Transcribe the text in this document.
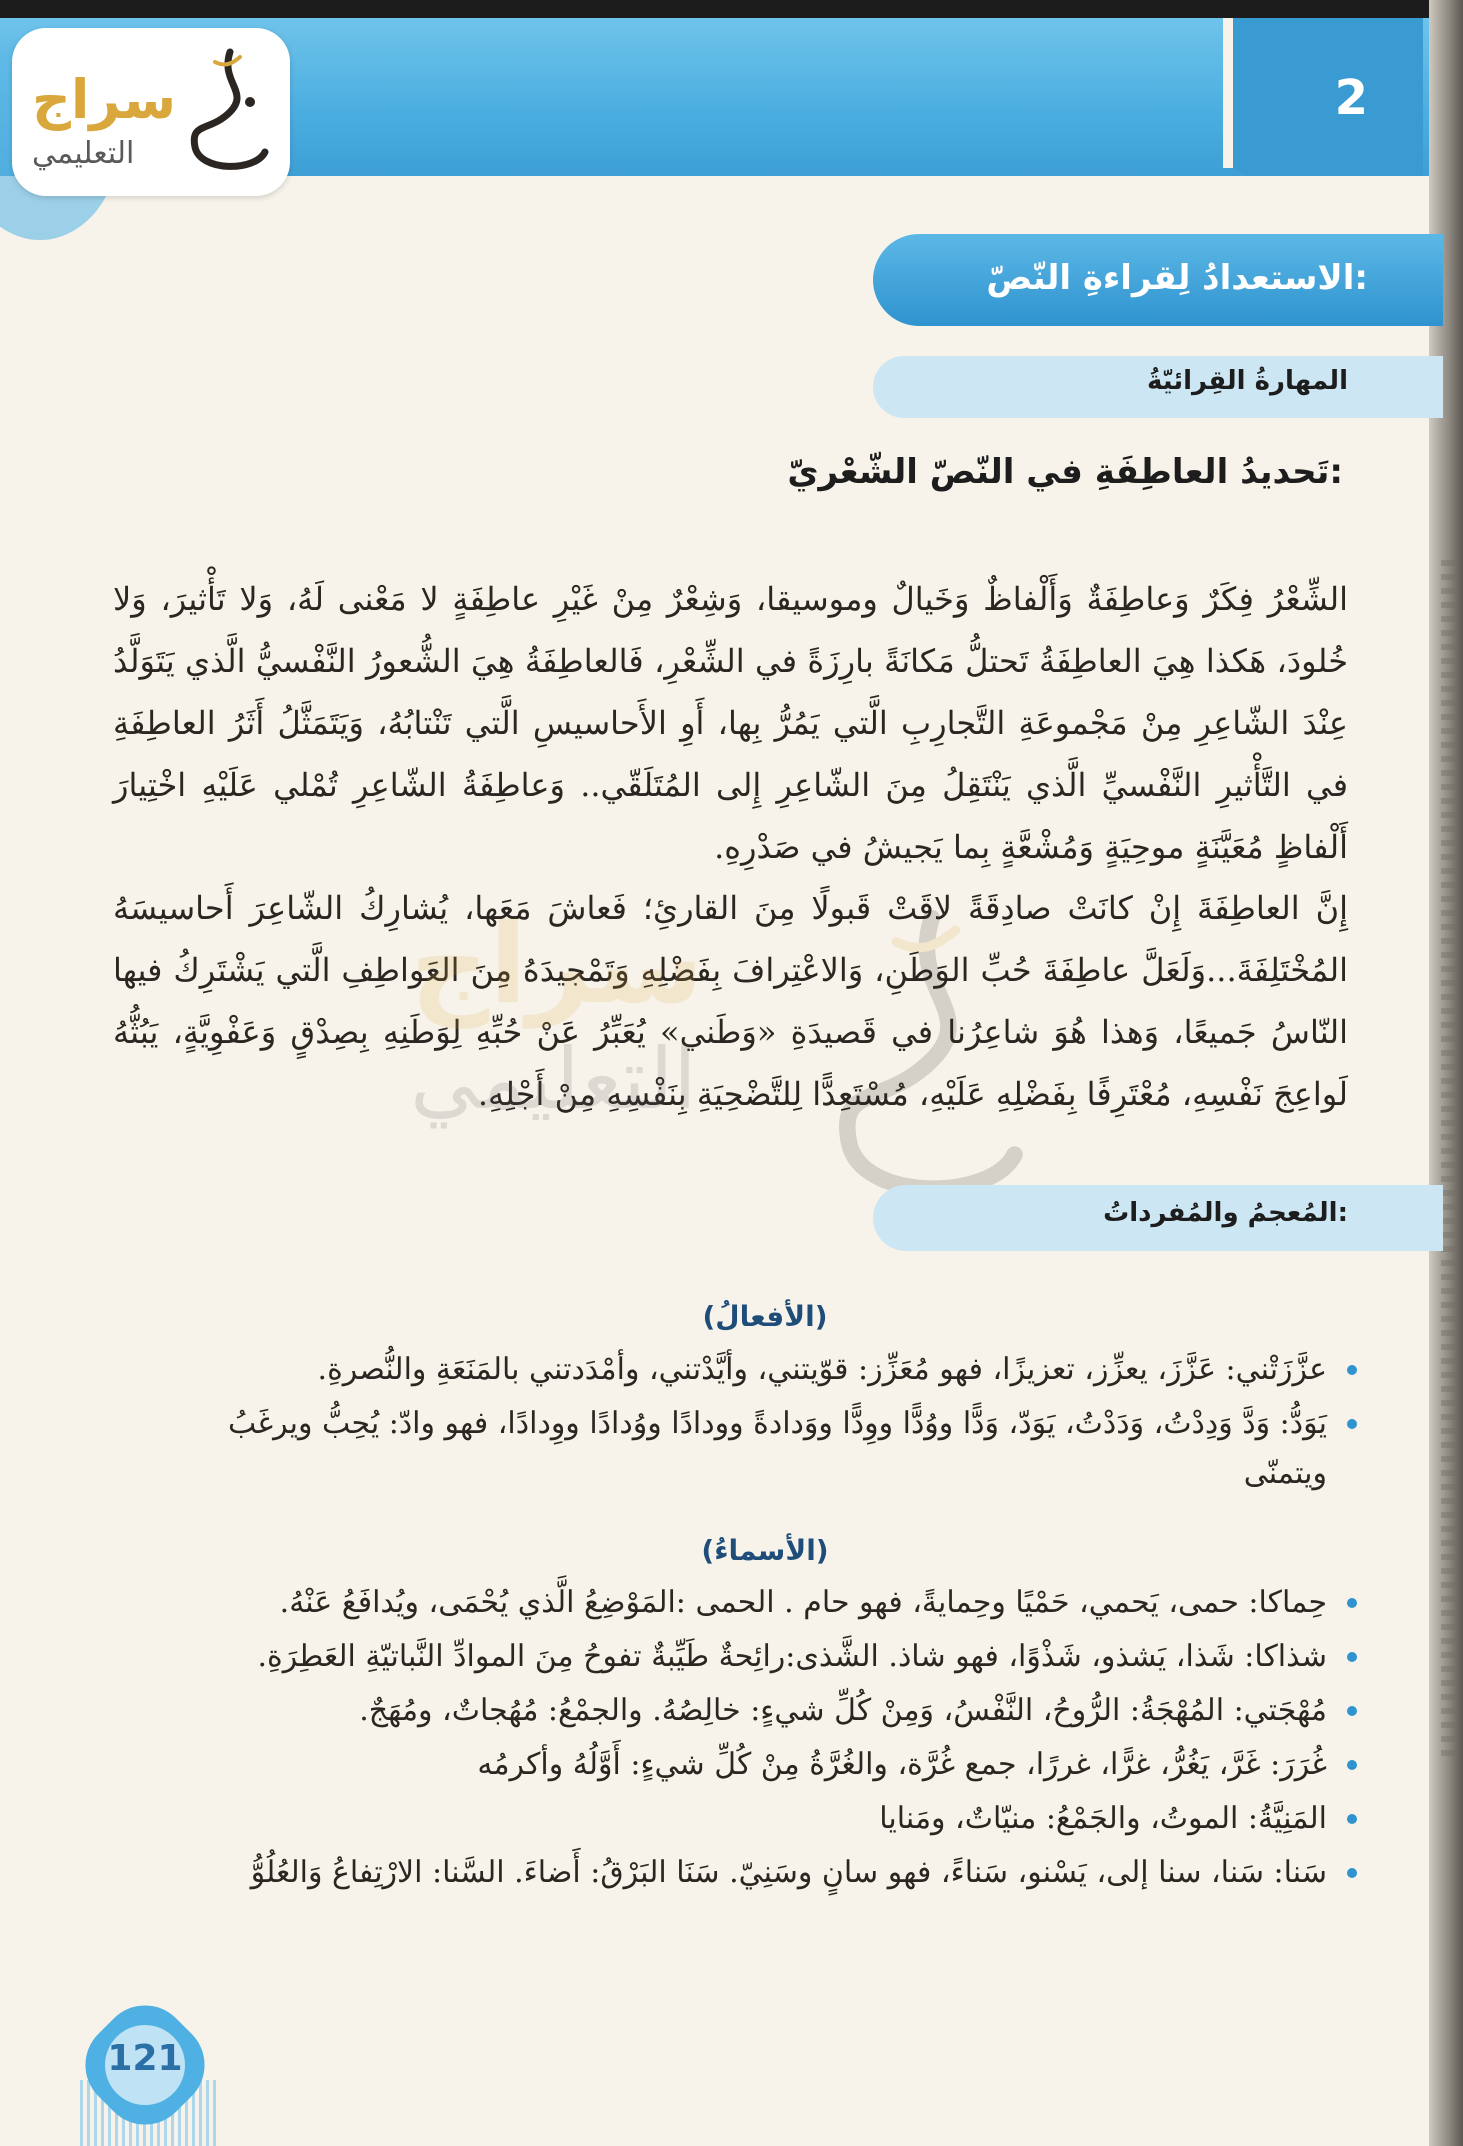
2
سراج
التعليمي
الاستعدادُ لِقراءةِ النّصّ:
المهارةُ القِرائيّةُ
تَحديدُ العاطِفَةِ في النّصّ الشّعْريّ:

الشِّعْرُ فِكَرٌ وَعاطِفَةٌ وَأَلْفاظٌ وَخَيالٌ وموسيقا، وَشِعْرٌ مِنْ غَيْرِ عاطِفَةٍ لا مَعْنى لَهُ، وَلا تَأْثيرَ، وَلا خُلودَ، هَكذا هِيَ العاطِفَةُ تَحتلُّ مَكانَةً بارِزَةً في الشِّعْرِ، فَالعاطِفَةُ هِيَ الشُّعورُ النَّفْسيُّ الَّذي يَتَوَلَّدُ عِنْدَ الشّاعِرِ مِنْ مَجْموعَةِ التَّجارِبِ الَّتي يَمُرُّ بِها، أَوِ الأَحاسيسِ الَّتي تَنْتابُهُ، وَيَتَمَثَّلُ أَثَرُ العاطِفَةِ في التَّأْثيرِ النَّفْسيِّ الَّذي يَنْتَقِلُ مِنَ الشّاعِرِ إِلى المُتَلَقّي.. وَعاطِفَةُ الشّاعِرِ تُمْلي عَلَيْهِ اخْتِيارَ أَلْفاظٍ مُعَيَّنَةٍ موحِيَةٍ وَمُشْعَّةٍ بِما يَجيشُ في صَدْرِهِ.

إِنَّ العاطِفَةَ إِنْ كانَتْ صادِقَةً لاقَتْ قَبولًا مِنَ القارئِ؛ فَعاشَ مَعَها، يُشارِكُ الشّاعِرَ أَحاسيسَهُ المُخْتَلِفَةَ...وَلَعَلَّ عاطِفَةَ حُبِّ الوَطَنِ، وَالاعْتِرافَ بِفَضْلِهِ وَتَمْجيدَهُ مِنَ العَواطِفِ الَّتي يَشْتَرِكُ فيها النّاسُ جَميعًا، وَهذا هُوَ شاعِرُنا في قَصيدَةِ «وَطَني» يُعَبِّرُ عَنْ حُبِّهِ لِوَطَنِهِ بِصِدْقٍ وَعَفْوِيَّةٍ، يَبُثُّهُ لَواعِجَ نَفْسِهِ، مُعْتَرِفًا بِفَضْلِهِ عَلَيْهِ، مُسْتَعِدًّا لِلتَّضْحِيَةِ بِنَفْسِهِ مِنْ أَجْلِهِ.

سراج
التعليمي
المُعجمُ والمُفرداتُ:
(الأفعالُ)
عزَّزَتْني: عَزَّزَ، يعزِّز، تعزيزًا، فهو مُعَزِّز: قوّيتني، وأيَّدْتني، وأمْدَدتني بالمَنَعَةِ والنُّصرةِ.
يَوَدُّ: وَدَّ وَدِدْتُ، وَدَدْتُ، يَوَدّ، وَدًّا ووُدًّا ووِدًّا ووَدادةً وودادًا ووُدادًا ووِدادًا، فهو وادّ: يُحِبُّ ويرغَبُ ويتمنّى
(الأسماءُ)
حِماكا: حمى، يَحمي، حَمْيًا وحِمايةً، فهو حام . الحمى :المَوْضِعُ الَّذي يُحْمَى، ويُدافَعُ عَنْهُ.
شذاكا: شَذا، يَشذو، شَذْوًا، فهو شاذ. الشَّذى:رائِحةٌ طَيِّبةٌ تفوحُ مِنَ الموادِّ النَّباتيّةِ العَطِرَةِ.
مُهْجَتي: المُهْجَةُ: الرُّوحُ، النَّفْسُ، وَمِنْ كُلِّ شيءٍ: خالِصُهُ. والجمْعُ: مُهُجاتٌ، ومُهَجٌ.
غُرَرَ: غَرَّ، يَغُرُّ، غرًّا، غررًا، جمع غُرَّة، والغُرَّةُ مِنْ كُلِّ شيءٍ: أَوَّلُهُ وأكرمُه
المَنِيَّةُ: الموتُ، والجَمْعُ: منيّاتٌ، ومَنايا
سَنا: سَنا، سنا إلى، يَسْنو، سَناءً، فهو سانٍ وسَنِيّ. سَنَا البَرْقُ: أَضاءَ. السَّنا: الارْتِفاعُ وَالعُلُوُّ
121
